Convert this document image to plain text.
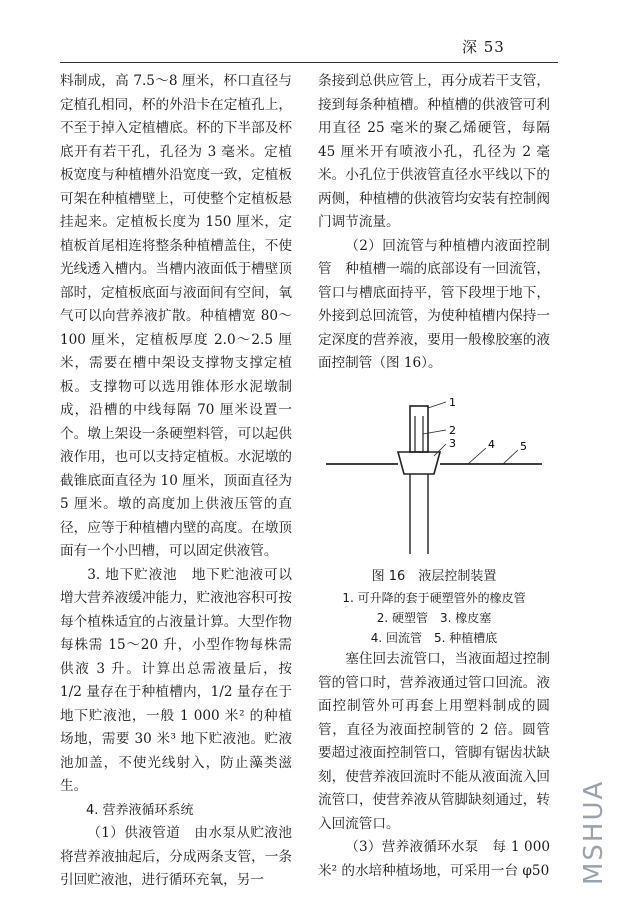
深 53

料制成，高 7.5～8 厘米，杯口直径与定植孔相同，杯的外沿卡在定植孔上，不至于掉入定植槽底。杯的下半部及杯底开有若干孔，孔径为 3 毫米。定植板宽度与种植槽外沿宽度一致，定植板可架在种植槽壁上，可使整个定植板悬挂起来。定植板长度为 150 厘米，定植板首尾相连将整条种植槽盖住，不使光线透入槽内。当槽内液面低于槽壁顶部时，定植板底面与液面间有空间，氧气可以向营养液扩散。种植槽宽 80～100 厘米，定植板厚度 2.0～2.5 厘米，需要在槽中架设支撑物支撑定植板。支撑物可以选用锥体形水泥墩制成，沿槽的中线每隔 70 厘米设置一个。墩上架设一条硬塑料管，可以起供液作用，也可以支持定植板。水泥墩的截锥底面直径为 10 厘米，顶面直径为 5 厘米。墩的高度加上供液压管的直径，应等于种植槽内壁的高度。在墩顶面有一个小凹槽，可以固定供液管。

3. 地下贮液池　地下贮池液可以增大营养液缓冲能力，贮液池容积可按每个植株适宜的占液量计算。大型作物每株需 15～20 升，小型作物每株需供液 3 升。计算出总需液量后，按 1/2 量存在于种植槽内，1/2 量存在于地下贮液池，一般 1 000 米² 的种植场地，需要 30 米³ 地下贮液池。贮液池加盖，不使光线射入，防止藻类滋生。

4. 营养液循环系统

（1）供液管道　由水泵从贮液池将营养液抽起后，分成两条支管，一条引回贮液池，进行循环充氧，另一

条接到总供应管上，再分成若干支管，接到每条种植槽。种植槽的供液管可利用直径 25 毫米的聚乙烯硬管，每隔 45 厘米开有喷液小孔，孔径为 2 毫米。小孔位于供液管直径水平线以下的两侧，种植槽的供液管均安装有控制阀门调节流量。

（2）回流管与种植槽内液面控制管　种植槽一端的底部设有一回流管，管口与槽底面持平，管下段埋于地下，外接到总回流管，为使种植槽内保持一定深度的营养液，要用一般橡胶塞的液面控制管（图 16）。

1
2
3	4 5
图 16　液层控制装置
1. 可升降的套于硬塑管外的橡皮管
2. 硬塑管　3. 橡皮塞
4. 回流管　5. 种植槽底

塞住回去流管口，当液面超过控制管的管口时，营养液通过管口回流。液面控制管外可再套上用塑料制成的圆管，直径为液面控制管的 2 倍。圆管要超过液面控制管口，管脚有锯齿状缺刻，使营养液回流时不能从液面流入回流管口，使营养液从管脚缺刻通过，转入回流管口。

（3）营养液循环水泵　每 1 000 米² 的水培种植场地，可采用一台 φ50 MSHUA
